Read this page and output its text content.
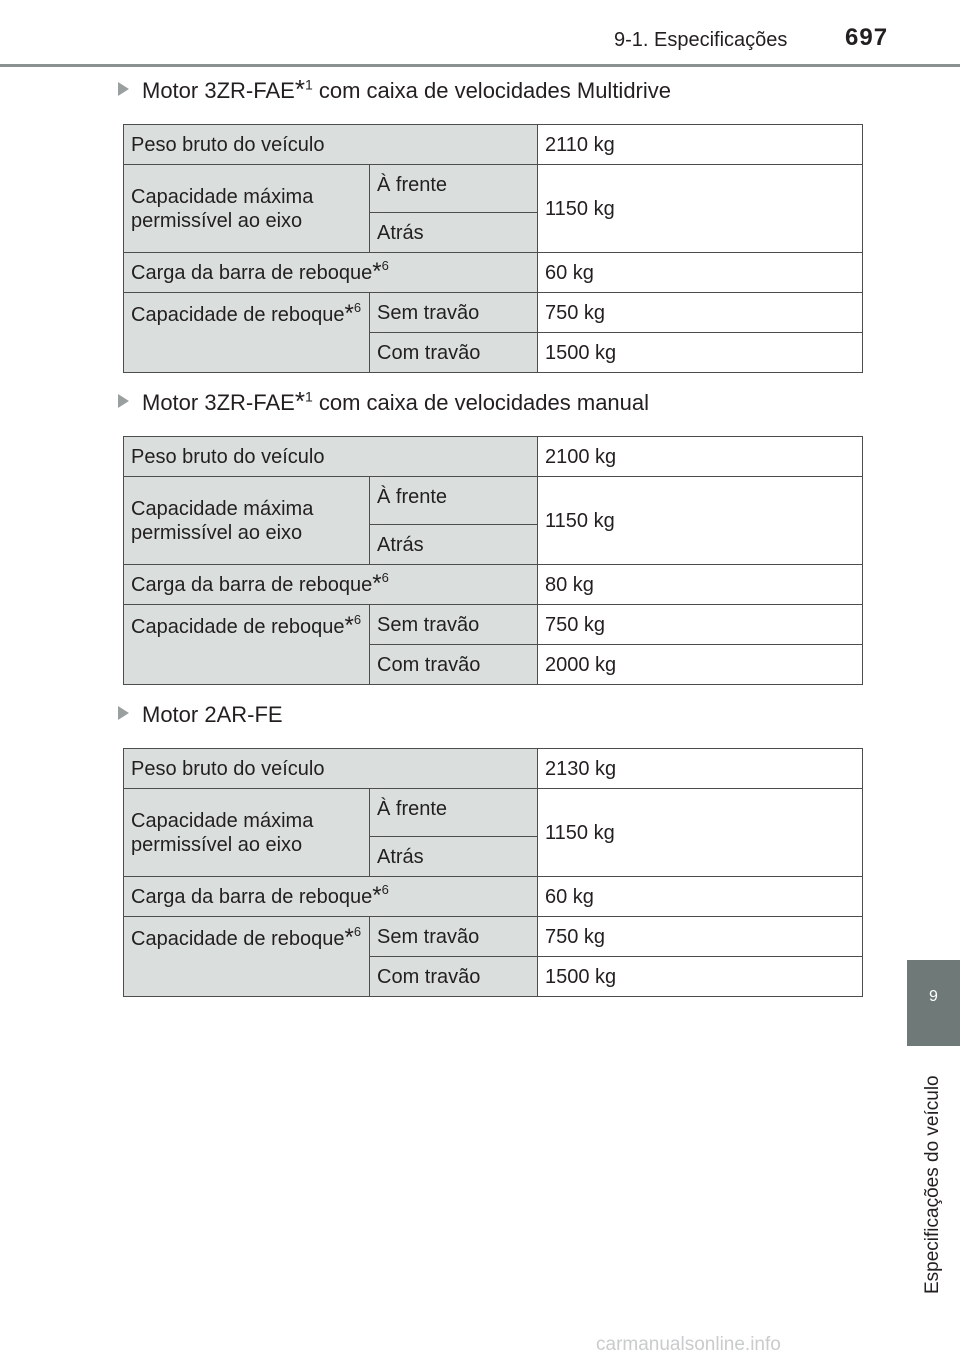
9-1. Especificações 697
9
Especificações do veículo
Motor 3ZR-FAE*$^1$ com caixa de velocidades Multidrive
Peso bruto do veículo		2110 kg
Capacidade máxima permissível ao eixo	À frente	1150 kg
	Atrás	
Carga da barra de reboque*$^6$		60 kg
Capacidade de reboque*$^6$	Sem travão	750 kg
	Com travão	1500 kg
Motor 3ZR-FAE*$^1$ com caixa de velocidades manual
Peso bruto do veículo		2100 kg
Capacidade máxima permissível ao eixo	À frente	1150 kg
	Atrás	
Carga da barra de reboque*$^6$		80 kg
Capacidade de reboque*$^6$	Sem travão	750 kg
	Com travão	2000 kg
Motor 2AR-FE
Peso bruto do veículo		2130 kg
Capacidade máxima permissível ao eixo	À frente	1150 kg
	Atrás	
Carga da barra de reboque*$^6$		60 kg
Capacidade de reboque*$^6$	Sem travão	750 kg
	Com travão	1500 kg
carmanualsonline.info
